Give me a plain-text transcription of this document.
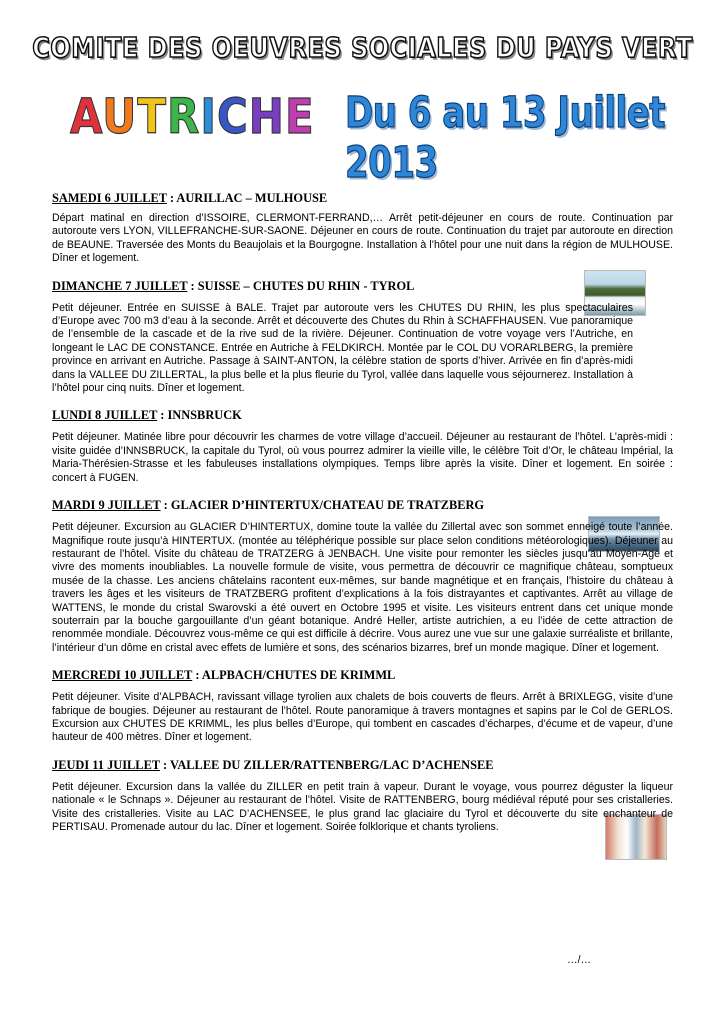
COMITE DES OEUVRES SOCIALES DU PAYS VERT
AUTRICHE Du 6 au 13 Juillet 2013

SAMEDI 6 JUILLET : AURILLAC – MULHOUSE

Départ matinal en direction d’ISSOIRE, CLERMONT-FERRAND,… Arrêt petit-déjeuner en cours de route. Continuation par autoroute vers LYON, VILLEFRANCHE-SUR-SAONE. Déjeuner en cours de route. Continuation du trajet par autoroute en direction de BEAUNE. Traversée des Monts du Beaujolais et la Bourgogne. Installation à l’hôtel pour une nuit dans la région de MULHOUSE. Dîner et logement.

DIMANCHE 7 JUILLET : SUISSE – CHUTES DU RHIN - TYROL

Petit déjeuner. Entrée en SUISSE à BALE. Trajet par autoroute vers les CHUTES DU RHIN, les plus spectaculaires d’Europe avec 700 m3 d’eau à la seconde. Arrêt et découverte des Chutes du Rhin à SCHAFFHAUSEN. Vue panoramique de l’ensemble de la cascade et de la rive sud de la rivière. Déjeuner. Continuation de votre voyage vers l’Autriche, en longeant le LAC DE CONSTANCE. Entrée en Autriche à FELDKIRCH. Montée par le COL DU VORARLBERG, la première province en arrivant en Autriche. Passage à SAINT-ANTON, la célèbre station de sports d’hiver. Arrivée en fin d’après-midi dans la VALLEE DU ZILLERTAL, la plus belle et la plus fleurie du Tyrol, vallée dans laquelle vous séjournerez. Installation à l’hôtel pour cinq nuits. Dîner et logement.

LUNDI 8 JUILLET : INNSBRUCK

Petit déjeuner. Matinée libre pour découvrir les charmes de votre village d’accueil. Déjeuner au restaurant de l’hôtel. L’après-midi : visite guidée d’INNSBRUCK, la capitale du Tyrol, où vous pourrez admirer la vieille ville, le célèbre Toit d’Or, le château Impérial, la Maria-Thérésien-Strasse et les fabuleuses installations olympiques. Temps libre après la visite. Dîner et logement. En soirée : concert à FUGEN.

MARDI 9 JUILLET : GLACIER D’HINTERTUX/CHATEAU DE TRATZBERG

Petit déjeuner. Excursion au GLACIER D’HINTERTUX, domine toute la vallée du Zillertal avec son sommet enneigé toute l’année. Magnifique route jusqu’à HINTERTUX. (montée au téléphérique possible sur place selon conditions météorologiques). Déjeuner au restaurant de l’hôtel. Visite du château de TRATZERG à JENBACH. Une visite pour remonter les siècles jusqu’au Moyen-Age et vivre des moments inoubliables. La nouvelle formule de visite, vous permettra de découvrir ce magnifique château, somptueux musée de la chasse. Les anciens châtelains racontent eux-mêmes, sur bande magnétique et en français, l’histoire du château à travers les âges et les visiteurs de TRATZBERG profitent d’explications à la fois distrayantes et captivantes. Arrêt au village de WATTENS, le monde du cristal Swarovski a été ouvert en Octobre 1995 et visite. Les visiteurs entrent dans cet unique monde souterrain par la bouche gargouillante d’un géant botanique. André Heller, artiste autrichien, a eu l’idée de cette attraction de renommée mondiale. Découvrez vous-même ce qui est difficile à décrire. Vous aurez une vue sur une galaxie surréaliste et brillante, l’intérieur d’un dôme en cristal avec effets de lumière et sons, des scénarios bizarres, bref un monde magique. Dîner et logement.

MERCREDI 10 JUILLET : ALPBACH/CHUTES DE KRIMML

Petit déjeuner. Visite d’ALPBACH, ravissant village tyrolien aux chalets de bois couverts de fleurs. Arrêt à BRIXLEGG, visite d’une fabrique de bougies. Déjeuner au restaurant de l’hôtel. Route panoramique à travers montagnes et sapins par le Col de GERLOS. Excursion aux CHUTES DE KRIMML, les plus belles d’Europe, qui tombent en cascades d’écharpes, d’écume et de vapeur, d’une hauteur de 400 mètres. Dîner et logement.

JEUDI 11 JUILLET : VALLEE DU ZILLER/RATTENBERG/LAC D’ACHENSEE

Petit déjeuner. Excursion dans la vallée du ZILLER en petit train à vapeur. Durant le voyage, vous pourrez déguster la liqueur nationale « le Schnaps ». Déjeuner au restaurant de l’hôtel. Visite de RATTENBERG, bourg médiéval réputé pour ses cristalleries. Visite des cristalleries. Visite au LAC D’ACHENSEE, le plus grand lac glaciaire du Tyrol et découverte du site enchanteur de PERTISAU. Promenade autour du lac. Dîner et logement. Soirée folklorique et chants tyroliens.

…/…
